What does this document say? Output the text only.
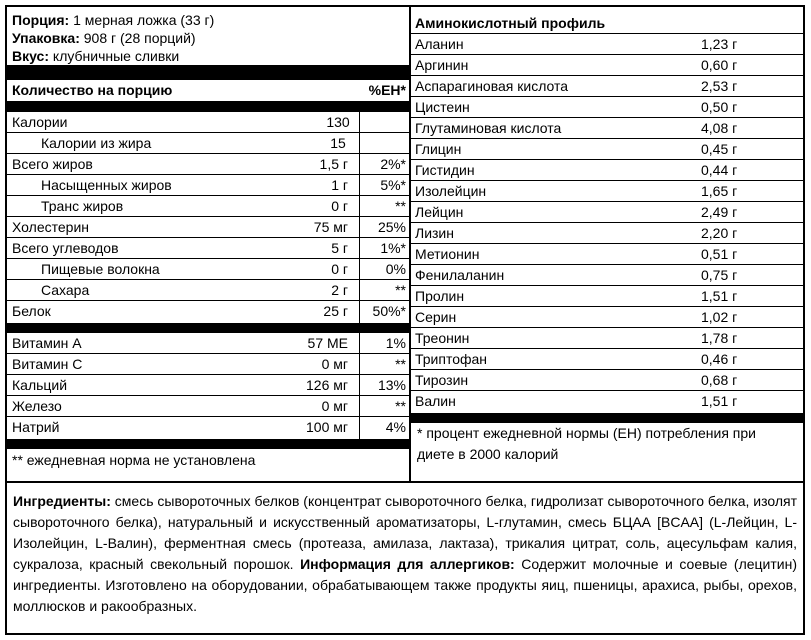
Порция: 1 мерная ложка (33 г)
Упаковка: 908 г (28 порций)
Вкус: клубничные сливки
Количество на порцию	%EH*
Калории	130
Калории из жира	15
Всего жиров	1,5 г 2%*
Насыщенных жиров	1 г 5%*
Транс жиров	0 г	**
Холестерин	75 мг 25%
Всего углеводов	5 г 1%*
Пищевые волокна	0 г	0%
Сахара	2 г	**
Белок	25 г 50%*
Витамин A	57 МЕ	1%
Витамин C	0 мг	**
Кальций	126 мг 13%
Железо	0 мг	**
Натрий	100 мг	4%
** ежедневная норма не установлена
Аминокислотный профиль
Аланин	1,23 г
Аргинин	0,60 г
Аспарагиновая кислота	2,53 г
Цистеин	0,50 г
Глутаминовая кислота	4,08 г
Глицин	0,45 г
Гистидин	0,44 г
Изолейцин	1,65 г
Лейцин	2,49 г
Лизин	2,20 г
Метионин	0,51 г
Фенилаланин	0,75 г
Пролин	1,51 г
Серин	1,02 г
Треонин	1,78 г
Триптофан	0,46 г
Тирозин	0,68 г
Валин	1,51 г
* процент ежедневной нормы (ЕН) потребления при диете в 2000 калорий
Ингредиенты: смесь сывороточных белков (концентрат сывороточного белка, гидролизат сывороточного белка, изолят сывороточного белка), натуральный и искусственный ароматизаторы, L-глутамин, смесь БЦАА [BCAA] (L-Лейцин, L-Изолейцин, L-Валин), ферментная смесь (протеаза, амилаза, лактаза), трикалия цитрат, соль, ацесульфам калия, сукралоза, красный свекольный порошок. Информация для аллергиков: Содержит молочные и соевые (лецитин) ингредиенты. Изготовлено на оборудовании, обрабатывающем также продукты яиц, пшеницы, арахиса, рыбы, орехов, моллюсков и ракообразных.
